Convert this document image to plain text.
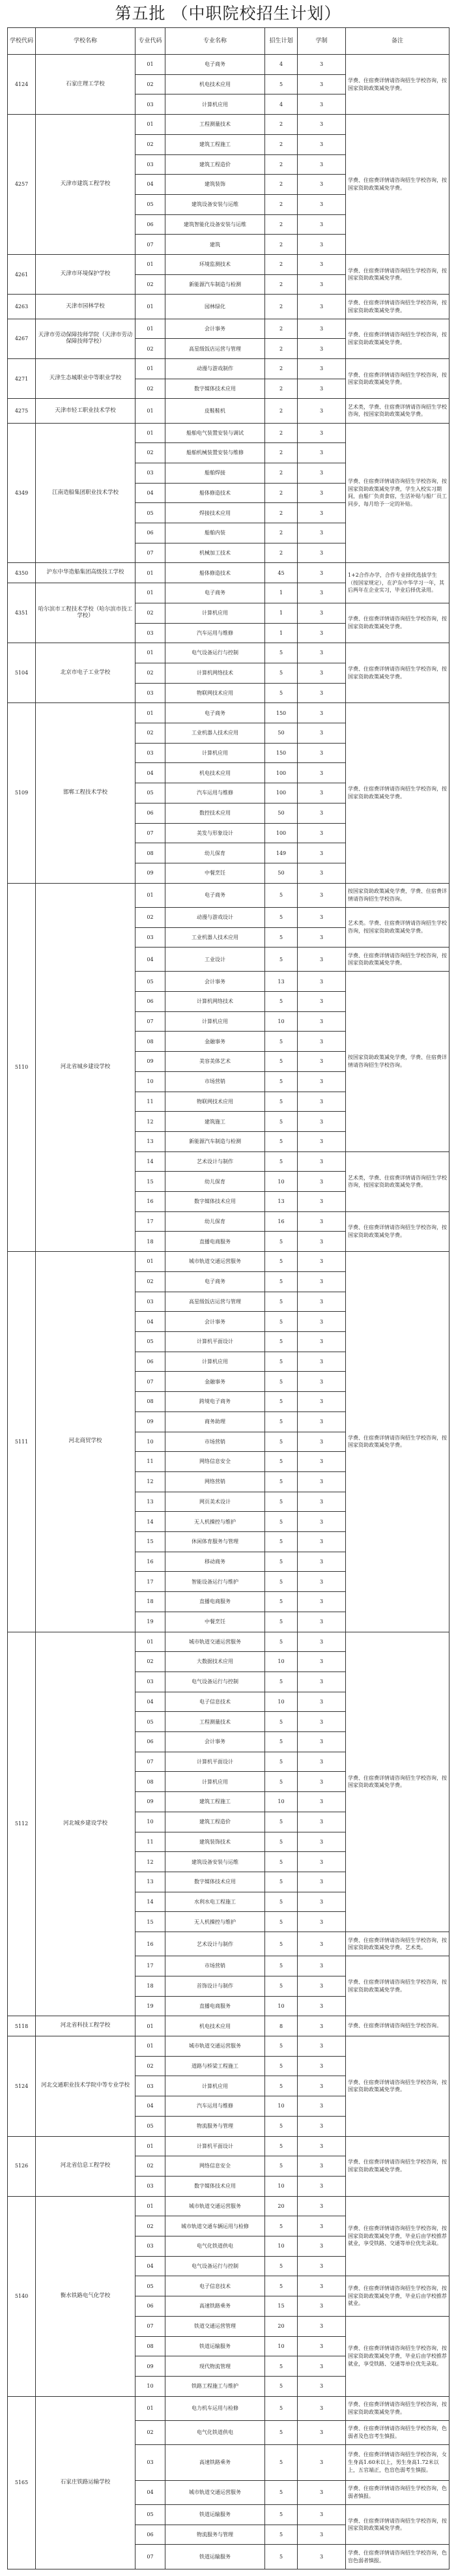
第五批 （中职院校招生计划）
学校代码	学校名称	专业代码	专业名称	招生计划	学制	备注	
4124	石家庄理工学校	01	电子商务	4	3	学费、住宿费详情请咨询招生学校咨询，按国家资助政策减免学费。	
		02	机电技术应用	5	3		
		03	计算机应用	4	3		
4257	天津市建筑工程学校	01	工程测量技术	2	3	学费、住宿费详情请咨询招生学校咨询，按国家资助政策减免学费。	
		02	建筑工程施工	2	3		
		03	建筑工程造价	2	3		
		04	建筑装饰	2	3		
		05	建筑设备安装与运维	2	3		
		06	建筑智能化设备安装与运维	2	3		
		07	建筑	2	3		
4261	天津市环境保护学校	01	环境监测技术	2	3	学费、住宿费详情请咨询招生学校咨询，按国家资助政策减免学费。	
		02	新能源汽车制造与检测	2	3		
4263	天津市园林学校	01	园林绿化	2	3	学费、住宿费详情请咨询招生学校咨询，按国家资助政策减免学费。	
4267	天津市劳动保障技师学院（天津市劳动保障技师学校）	01	会计事务	2	3	学费、住宿费详情请咨询招生学校咨询，按国家资助政策减免学费。	
		02	高星级饭店运营与管理	2	3		
4271	天津生态城职业中等职业学校	01	动漫与游戏制作	2	3	学费、住宿费详情请咨询招生学校咨询，按国家资助政策减免学费。	
		02	数字媒体技术应用	2	3		
4275	天津市轻工职业技术学校	01	皮鞋鞋机	2	3	艺术类，学费、住宿费详情请咨询招生学校咨询，按国家资助政策减免学费。	
4349	江南造船集团职业技术学校	01	船舶电气装置安装与调试	2	3	学费、住宿费详情请咨询招生学校咨询，按国家资助政策减免学费，学生入校实习期间，由船厂负责食宿，生活补贴与船厂员工同步，每月给予一定的补贴。	
		02	船舶机械装置安装与维修	2	3		
		03	船舶焊接	2	3		
		04	船体修造技术	2	3		
		05	焊接技术应用	2	3		
		06	船舶内装	2	3		
		07	机械加工技术	2	3		
4350	沪东中华造船集团高级技工学校	01	船体修造技术	45	3	1+2合作办学，合作专业择优选拔学生（按国家规定），在沪东中华学习一年，其后两年在企业实习，毕业后择优录用。	
4351	哈尔滨市工程技术学校（哈尔滨市技工学校）	01	电子商务	1	3		
		02	计算机应用	1	3	学费、住宿费详情请咨询招生学校咨询，按国家资助政策减免学费。	
		03	汽车运用与维修	1	3		
5104	北京市电子工业学校	01	电气设备运行与控制	5	3	学费、住宿费详情请咨询招生学校咨询，按国家资助政策减免学费。	
		02	计算机网络技术	5	3		
		03	物联网技术应用	5	3		
5109	邯郸工程技术学校	01	电子商务	150	3	学费、住宿费详情请咨询招生学校咨询，按国家资助政策减免学费。	
		02	工业机器人技术应用	50	3		
		03	计算机应用	150	3		
		04	机电技术应用	100	3		
		05	汽车运用与维修	100	3		
		06	数控技术应用	50	3		
		07	美发与形象设计	100	3		
		08	幼儿保育	149	3		
		09	中餐烹饪	50	3		
5110	河北省城乡建设学校	01	电子商务	5	3	按国家资助政策减免学费，学费、住宿费详情请咨询招生学校咨询。	
		02	动漫与游戏设计	5	3	艺术类。学费、住宿费详情请咨询招生学校咨询，按国家资助政策减免学费。	
		03	工业机器人技术应用	5	3		
		04	工业设计	5	3	学费、住宿费详情请咨询招生学校咨询，按国家资助政策减免学费。	
		05	会计事务	13	3	按国家资助政策减免学费，学费、住宿费详情请咨询招生学校咨询。	
		06	计算机网络技术	5	3		
		07	计算机应用	10	3		
		08	金融事务	5	3		
		09	美容美体艺术	5	3		
		10	市场营销	5	3		
		11	物联网技术应用	5	3		
		12	建筑施工	5	3		
		13	新能源汽车制造与检测	5	3		
		14	艺术设计与制作	5	3	艺术类，学费、住宿费详情请咨询招生学校咨询，按国家资助政策减免学费。	
		15	幼儿保育	10	3		
		16	数字媒体技术应用	13	3		
		17	幼儿保育	16	3	学费、住宿费详情请咨询招生学校咨询，按国家资助政策减免学费。	
		18	直播电商服务	5	3		
5111	河北商贸学校	01	城市轨道交通运营服务	5	3	学费、住宿费详情请咨询招生学校咨询，按国家资助政策减免学费。	
		02	电子商务	5	3		
		03	高星级饭店运营与管理	5	3		
		04	会计事务	5	3		
		05	计算机平面设计	5	3		
		06	计算机应用	5	3		
		07	金融事务	5	3		
		08	跨境电子商务	5	3		
		09	商务助理	5	3		
		10	市场营销	5	3		
		11	网络信息安全	5	3		
		12	网络营销	5	3		
		13	网页美术设计	5	3		
		14	无人机操控与维护	5	3		
		15	休闲体育服务与管理	5	3		
		16	移动商务	5	3		
		17	智能设备运行与维护	5	3		
		18	直播电商服务	5	3		
		19	中餐烹饪	5	3		
5112	河北城乡建设学校	01	城市轨道交通运营服务	5	3	学费、住宿费详情请咨询招生学校咨询，按国家资助政策减免学费。	
		02	大数据技术应用	10	3		
		03	电气设备运行与控制	5	3		
		04	电子信息技术	10	3		
		05	工程测量技术	5	3		
		06	会计事务	5	3		
		07	计算机平面设计	5	3		
		08	计算机应用	5	3		
		09	建筑工程施工	10	3		
		10	建筑工程造价	5	3		
		11	建筑装饰技术	5	3		
		12	建筑设备安装与运维	5	3		
		13	数字媒体技术应用	5	3		
		14	水利水电工程施工	5	3		
		15	无人机操控与维护	5	3		
		16	艺术设计与制作	5	3	学费、住宿费详情请咨询招生学校咨询，按国家资助政策减免学费。艺术类。	
		17	市场营销	5	3	学费、住宿费详情请咨询招生学校咨询，按国家资助政策减免学费。	
		18	首饰设计与制作	5	3		
		19	直播电商服务	10	3		
5118	河北省科技工程学校	01	机电技术应用	8	3	学费、住宿费详情请咨询招生学校咨询。	
5124	河北交通职业技术学院中等专业学校	01	城市轨道交通运营服务	5	3	学费、住宿费详情请咨询招生学校咨询，按国家资助政策减免学费。	
		02	道路与桥梁工程施工	5	3		
		03	计算机应用	5	3		
		04	汽车运用与维修	10	3		
		05	物流服务与管理	5	3		
5126	河北省信息工程学校	01	计算机平面设计	5	3	学费、住宿费详情请咨询招生学校咨询，按国家资助政策减免学费。	
		02	网络信息安全	5	3		
		03	数字媒体技术应用	10	3		
5140	衡水铁路电气化学校	01	城市轨道交通运营服务	20	3	学费、住宿费详情请咨询招生学校咨询，按国家资助政策减免学费，毕业后由学校推荐就业，享受铁路、交通等单位优先录取。	
		02	城市轨道交通车辆运用与检修	5	3		
		03	电气化铁道供电	10	3		
		04	电气设备运行与控制	5	3		
		05	电子信息技术	5	3	学费、住宿费详情请咨询招生学校咨询，按国家资助政策减免学费，毕业后由学校推荐就业。	
		06	高速铁路乘务	15	3		
		07	铁道交通运营管理	20	3	学费、住宿费详情请咨询招生学校咨询，按国家资助政策减免学费，毕业后由学校推荐就业，享受铁路、交通等单位优先录取。	
		08	铁道运输服务	10	3		
		09	现代物流管理	5	3		
		10	铁路工程施工与维护	5	3		
5165	石家庄铁路运输学校	01	电力机车运用与检修	5	3	学费、住宿费详情请咨询招生学校咨询，按国家资助政策减免学费。	
		02	电气化铁道供电	5	3	学费、住宿费详情请咨询招生学校咨询，色弱者及色盲考生慎报。	
		03	高速铁路乘务	5	3	学费、住宿费详情请咨询招生学校咨询，女生身高1.60米以上，男生身高1.72米以上，五官端正，色盲色弱考生慎报。	
		04	城市轨道交通运营服务	5	3	学费、住宿费详情请咨询招生学校咨询，色弱者慎报。	
		05	铁道运输服务	5	3	学费、住宿费详情请咨询招生学校咨询，按国家资助政策减免学费。	
		06	物流服务与管理	5	3		
		07	铁道运输服务	5	3	学费、住宿费详情请咨询招生学校咨询，色盲色弱者慎报。	
